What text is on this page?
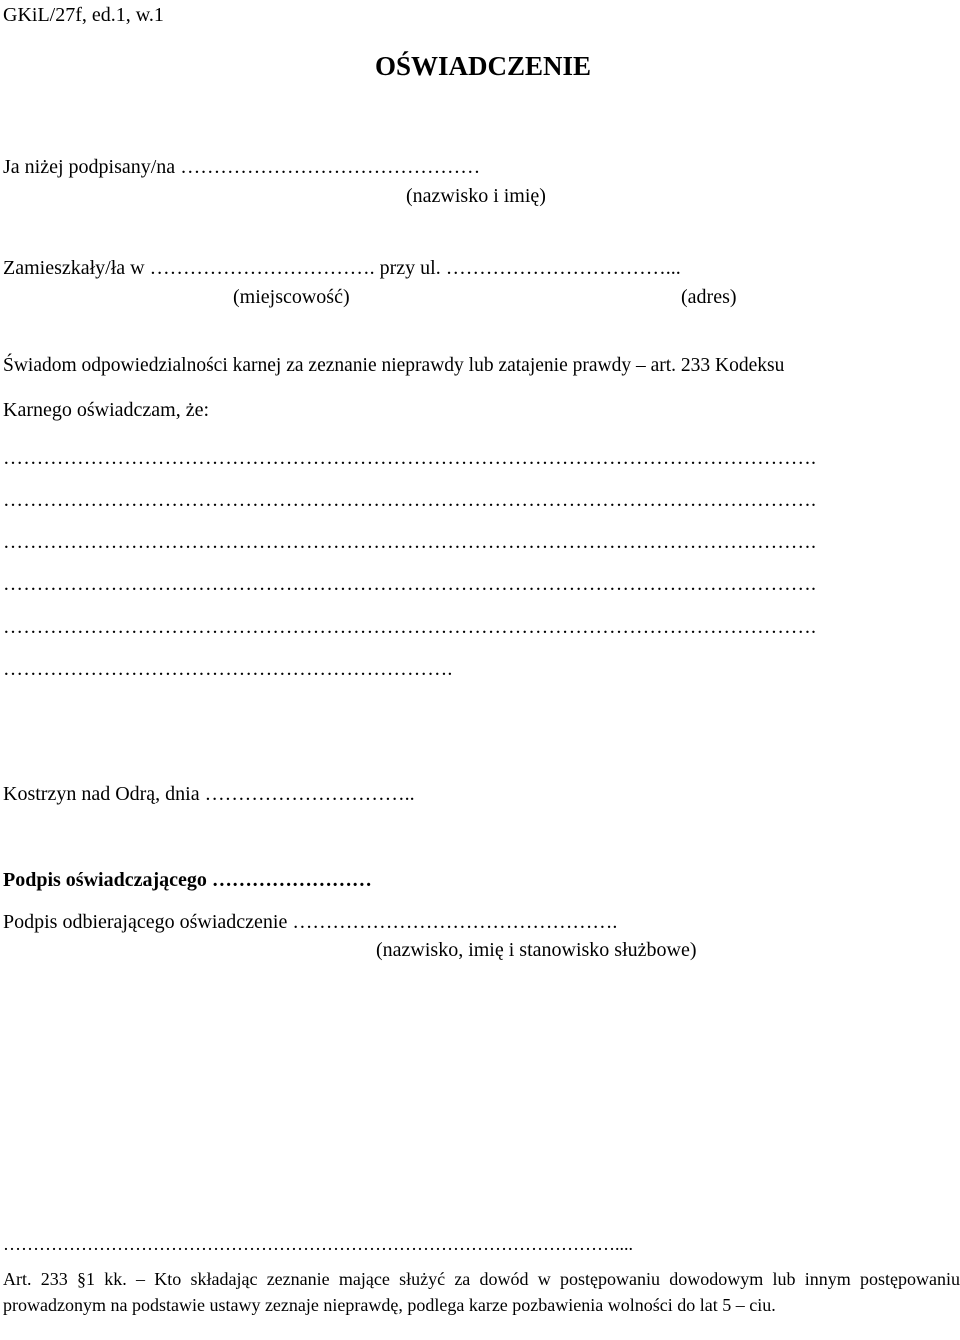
GKiL/27f, ed.1, w.1
OŚWIADCZENIE
Ja niżej podpisany/na ………………………………………
(nazwisko i imię)
Zamieszkały/ła w ……………………………. przy ul. ……………………………...
(miejscowość)	(adres)
Świadom odpowiedzialności karnej za zeznanie nieprawdy lub zatajenie prawdy – art. 233 Kodeksu
Karnego oświadczam, że:
………………………………………………………………………………………………………….
………………………………………………………………………………………………………….
………………………………………………………………………………………………………….
………………………………………………………………………………………………………….
………………………………………………………………………………………………………….
………………………………………………………….
Kostrzyn nad Odrą, dnia …………………………..
Podpis oświadczającego ……………………
Podpis odbierającego oświadczenie ………………………………………….
(nazwisko, imię i stanowisko służbowe)
…………………………………………………………………………………………....
Art. 233 §1 kk. – Kto składając zeznanie mające służyć za dowód w postępowaniu dowodowym lub innym postępowaniu prowadzonym na podstawie ustawy zeznaje nieprawdę, podlega karze pozbawienia wolności do lat 5 – ciu.
